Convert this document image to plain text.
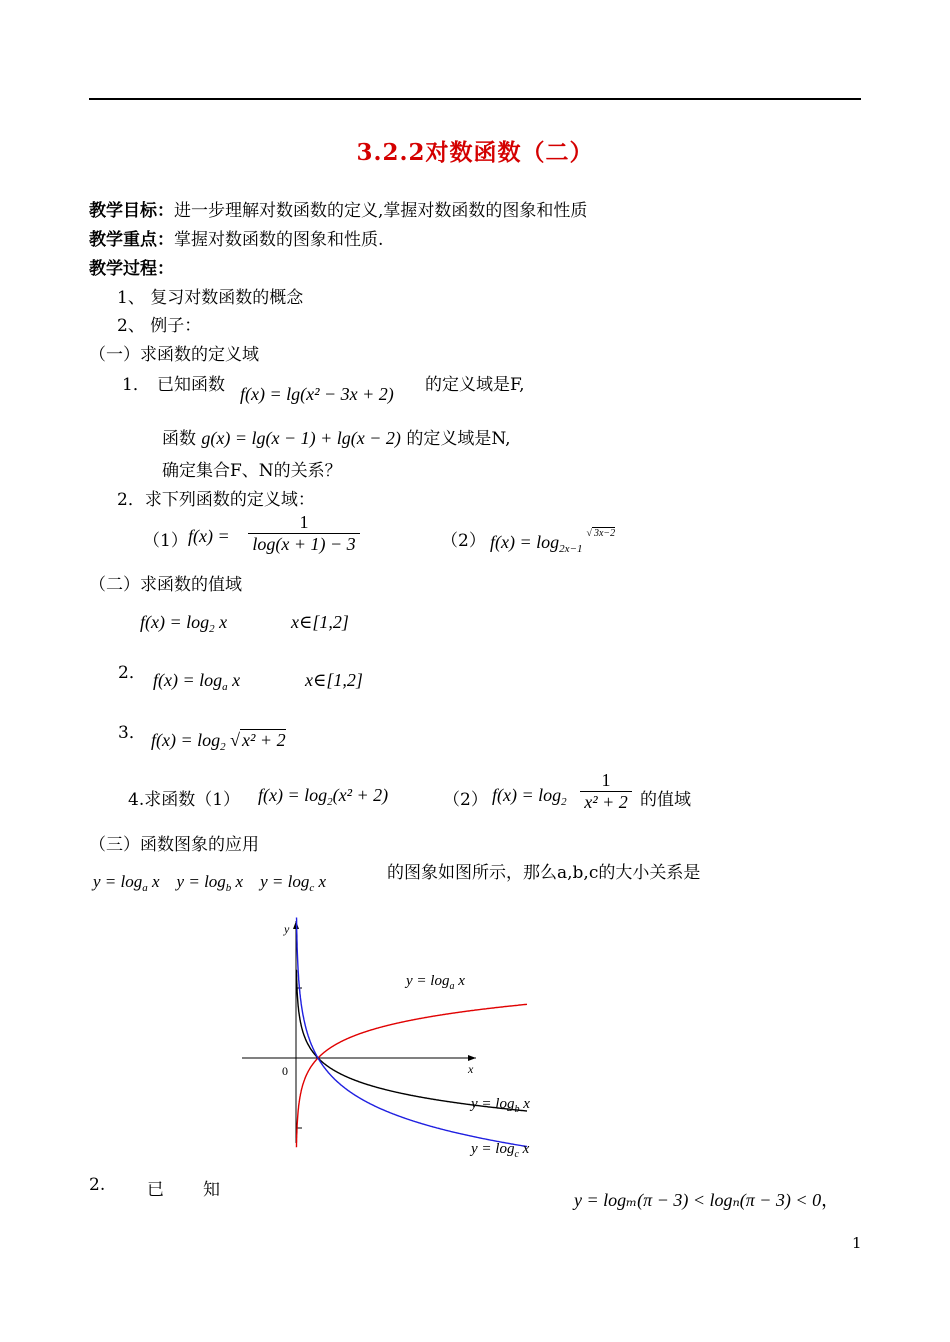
3.2.2对数函数（二）
教学目标：进一步理解对数函数的定义,掌握对数函数的图象和性质
教学重点：掌握对数函数的图象和性质.
教学过程：
1、 复习对数函数的概念
2、 例子：
（一）求函数的定义域
1． 已知函数 f(x) = lg(x² − 3x + 2) 的定义域是F,
函数 g(x) = lg(x − 1) + lg(x − 2) 的定义域是N,
确定集合F、N的关系？
2．求下列函数的定义域：
（1） $f(x) = \frac{1}{\log(x + 1) - 3}$	（2） $f(x) = \log_{2x-1}^{√ 3x-2}$
（二）求函数的值域
$f(x) = \log_2 x$	x∈[1,2]
2． $f(x) = \log_a x$	x∈[1,2]
3． $f(x) = \log_2$ √ x² + 2
4.求函数（1） $f(x) = \log_2(x^2 + 2)$	（2） $f(x) = \log_2 \frac{1}{\text{x² + 2}}$ 的值域
（三）函数图象的应用
$y = \log_a x$ $y = \log_b x$ $y = \log_c x$	的图象如图所示，那么a,b,c的大小关系是
x
y
0
$y = \log_a x$
$y = \log_b x$
$y = \log_c x$
2. 已 知	y = logₘ(π − 3) < logₙ(π − 3) < 0，
1
